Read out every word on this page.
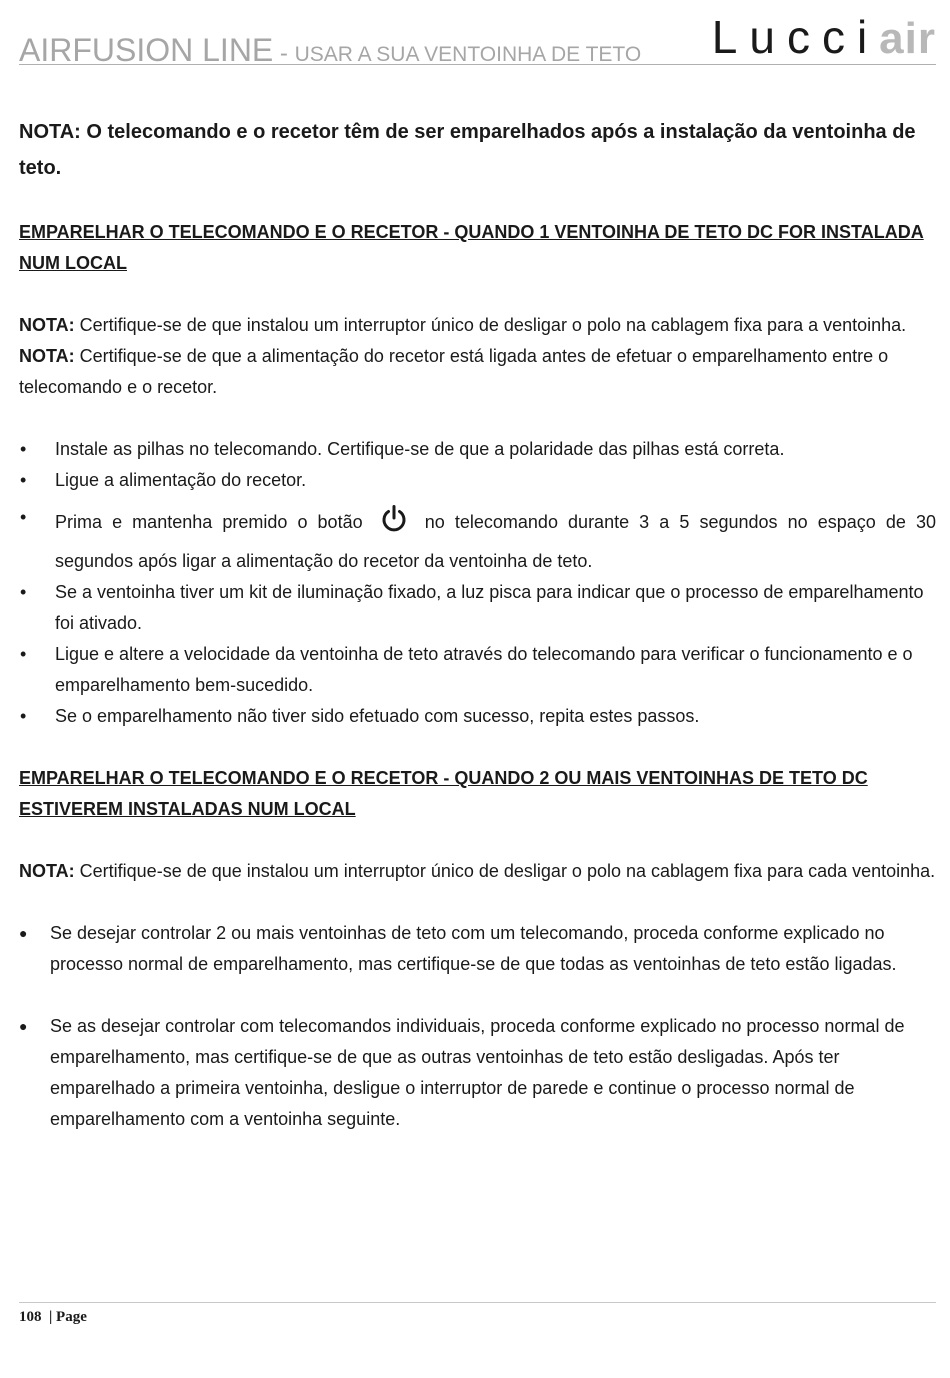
AIRFUSION LINE - USAR A SUA VENTOINHA DE TETO Lucciair

NOTA: O telecomando e o recetor têm de ser emparelhados após a instalação da ventoinha de teto.

EMPARELHAR O TELECOMANDO E O RECETOR - QUANDO 1 VENTOINHA DE TETO DC FOR INSTALADA NUM LOCAL

NOTA: Certifique-se de que instalou um interruptor único de desligar o polo na cablagem fixa para a ventoinha.

NOTA: Certifique-se de que a alimentação do recetor está ligada antes de efetuar o emparelhamento entre o telecomando e o recetor.

• Instale as pilhas no telecomando. Certifique-se de que a polaridade das pilhas está correta.
• Ligue a alimentação do recetor.
• Prima e mantenha premido o botão	no telecomando durante 3 a 5 segundos no espaço de 30
segundos após ligar a alimentação do recetor da ventoinha de teto.
• Se a ventoinha tiver um kit de iluminação fixado, a luz pisca para indicar que o processo de emparelhamento foi ativado.
• Ligue e altere a velocidade da ventoinha de teto através do telecomando para verificar o funcionamento e o emparelhamento bem-sucedido.
• Se o emparelhamento não tiver sido efetuado com sucesso, repita estes passos.

EMPARELHAR O TELECOMANDO E O RECETOR - QUANDO 2 OU MAIS VENTOINHAS DE TETO DC ESTIVEREM INSTALADAS NUM LOCAL

NOTA: Certifique-se de que instalou um interruptor único de desligar o polo na cablagem fixa para cada ventoinha.

● Se desejar controlar 2 ou mais ventoinhas de teto com um telecomando, proceda conforme explicado no processo normal de emparelhamento, mas certifique-se de que todas as ventoinhas de teto estão ligadas.
● Se as desejar controlar com telecomandos individuais, proceda conforme explicado no processo normal de emparelhamento, mas certifique-se de que as outras ventoinhas de teto estão desligadas. Após ter emparelhado a primeira ventoinha, desligue o interruptor de parede e continue o processo normal de emparelhamento com a ventoinha seguinte.
108  | Page
